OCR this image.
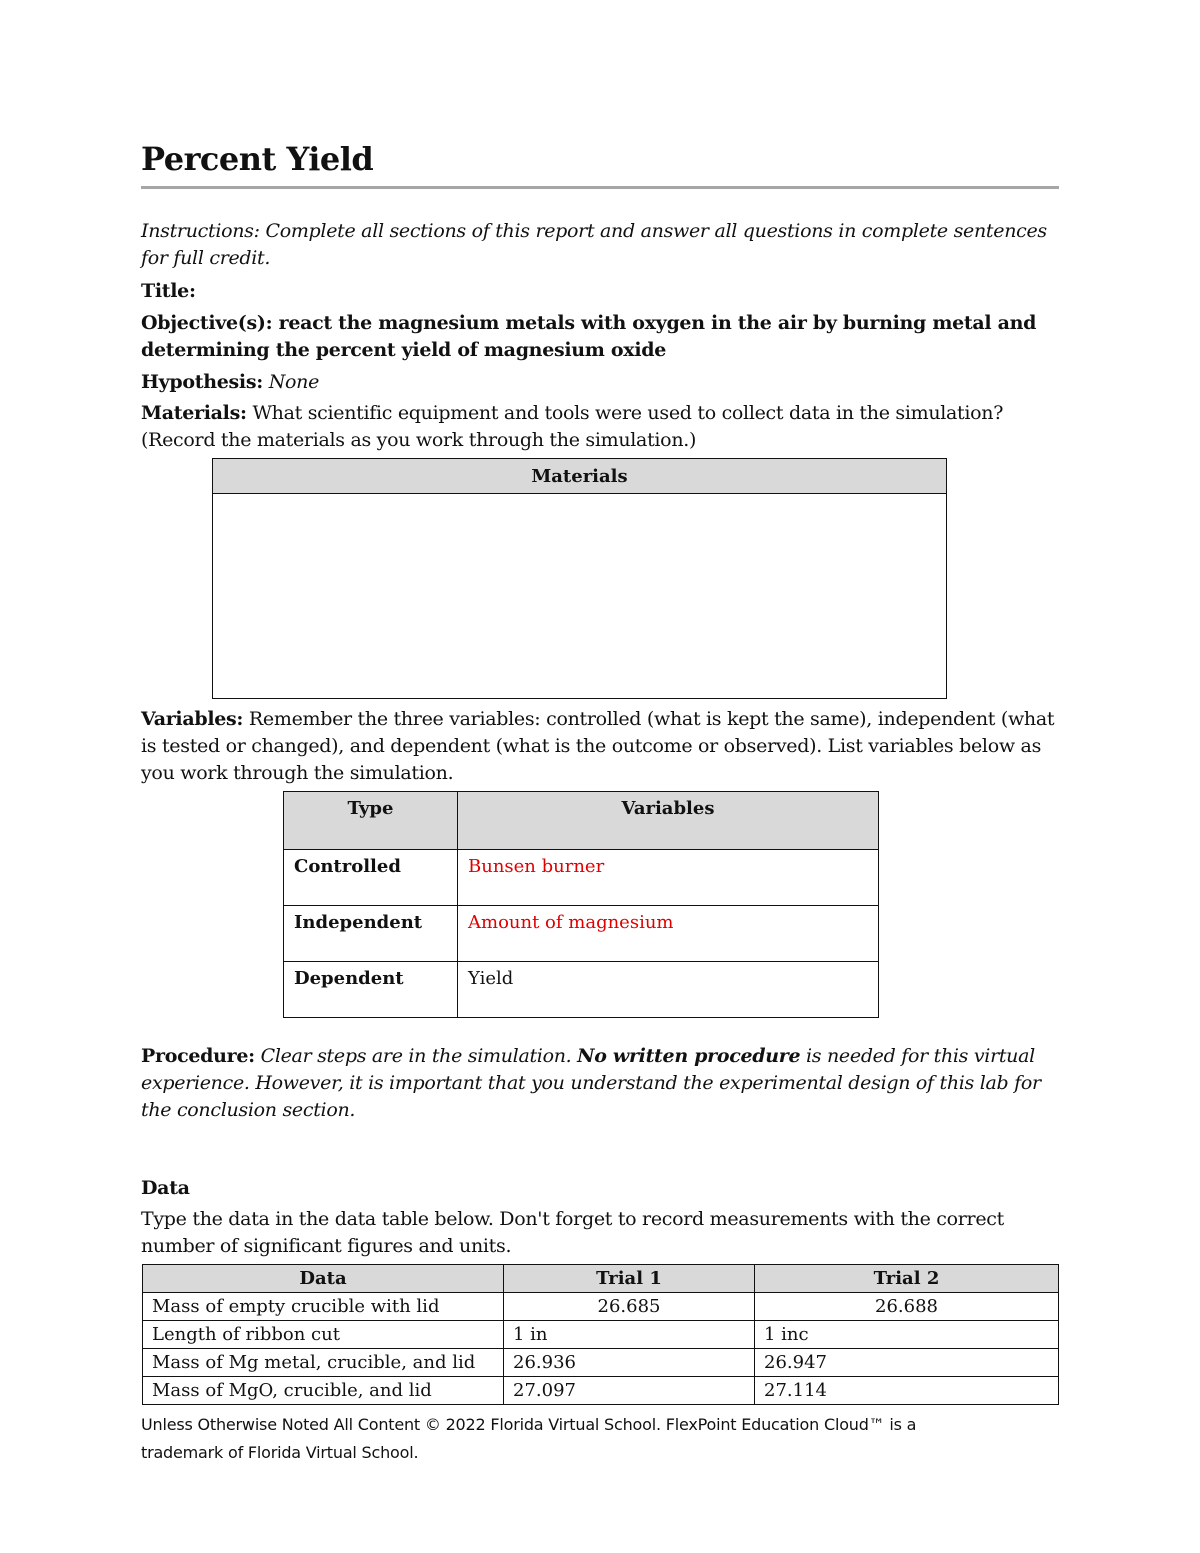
Percent Yield
Instructions: Complete all sections of this report and answer all questions in complete sentences for full credit.
Title:
Objective(s): react the magnesium metals with oxygen in the air by burning metal and determining the percent yield of magnesium oxide
Hypothesis: None
Materials: What scientific equipment and tools were used to collect data in the simulation? (Record the materials as you work through the simulation.)
Materials

Variables: Remember the three variables: controlled (what is kept the same), independent (what is tested or changed), and dependent (what is the outcome or observed). List variables below as you work through the simulation.
Type	Variables
Controlled	Bunsen burner
Independent	Amount of magnesium
Dependent	Yield
Procedure: Clear steps are in the simulation. No written procedure is needed for this virtual experience. However, it is important that you understand the experimental design of this lab for the conclusion section.
Data
Type the data in the data table below. Don't forget to record measurements with the correct number of significant figures and units.
Data	Trial 1	Trial 2
Mass of empty crucible with lid	26.685	26.688
Length of ribbon cut	1 in	1 inc
Mass of Mg metal, crucible, and lid	26.936	26.947
Mass of MgO, crucible, and lid	27.097	27.114
Unless Otherwise Noted All Content © 2022 Florida Virtual School. FlexPoint Education Cloud™ is a
trademark of Florida Virtual School.
